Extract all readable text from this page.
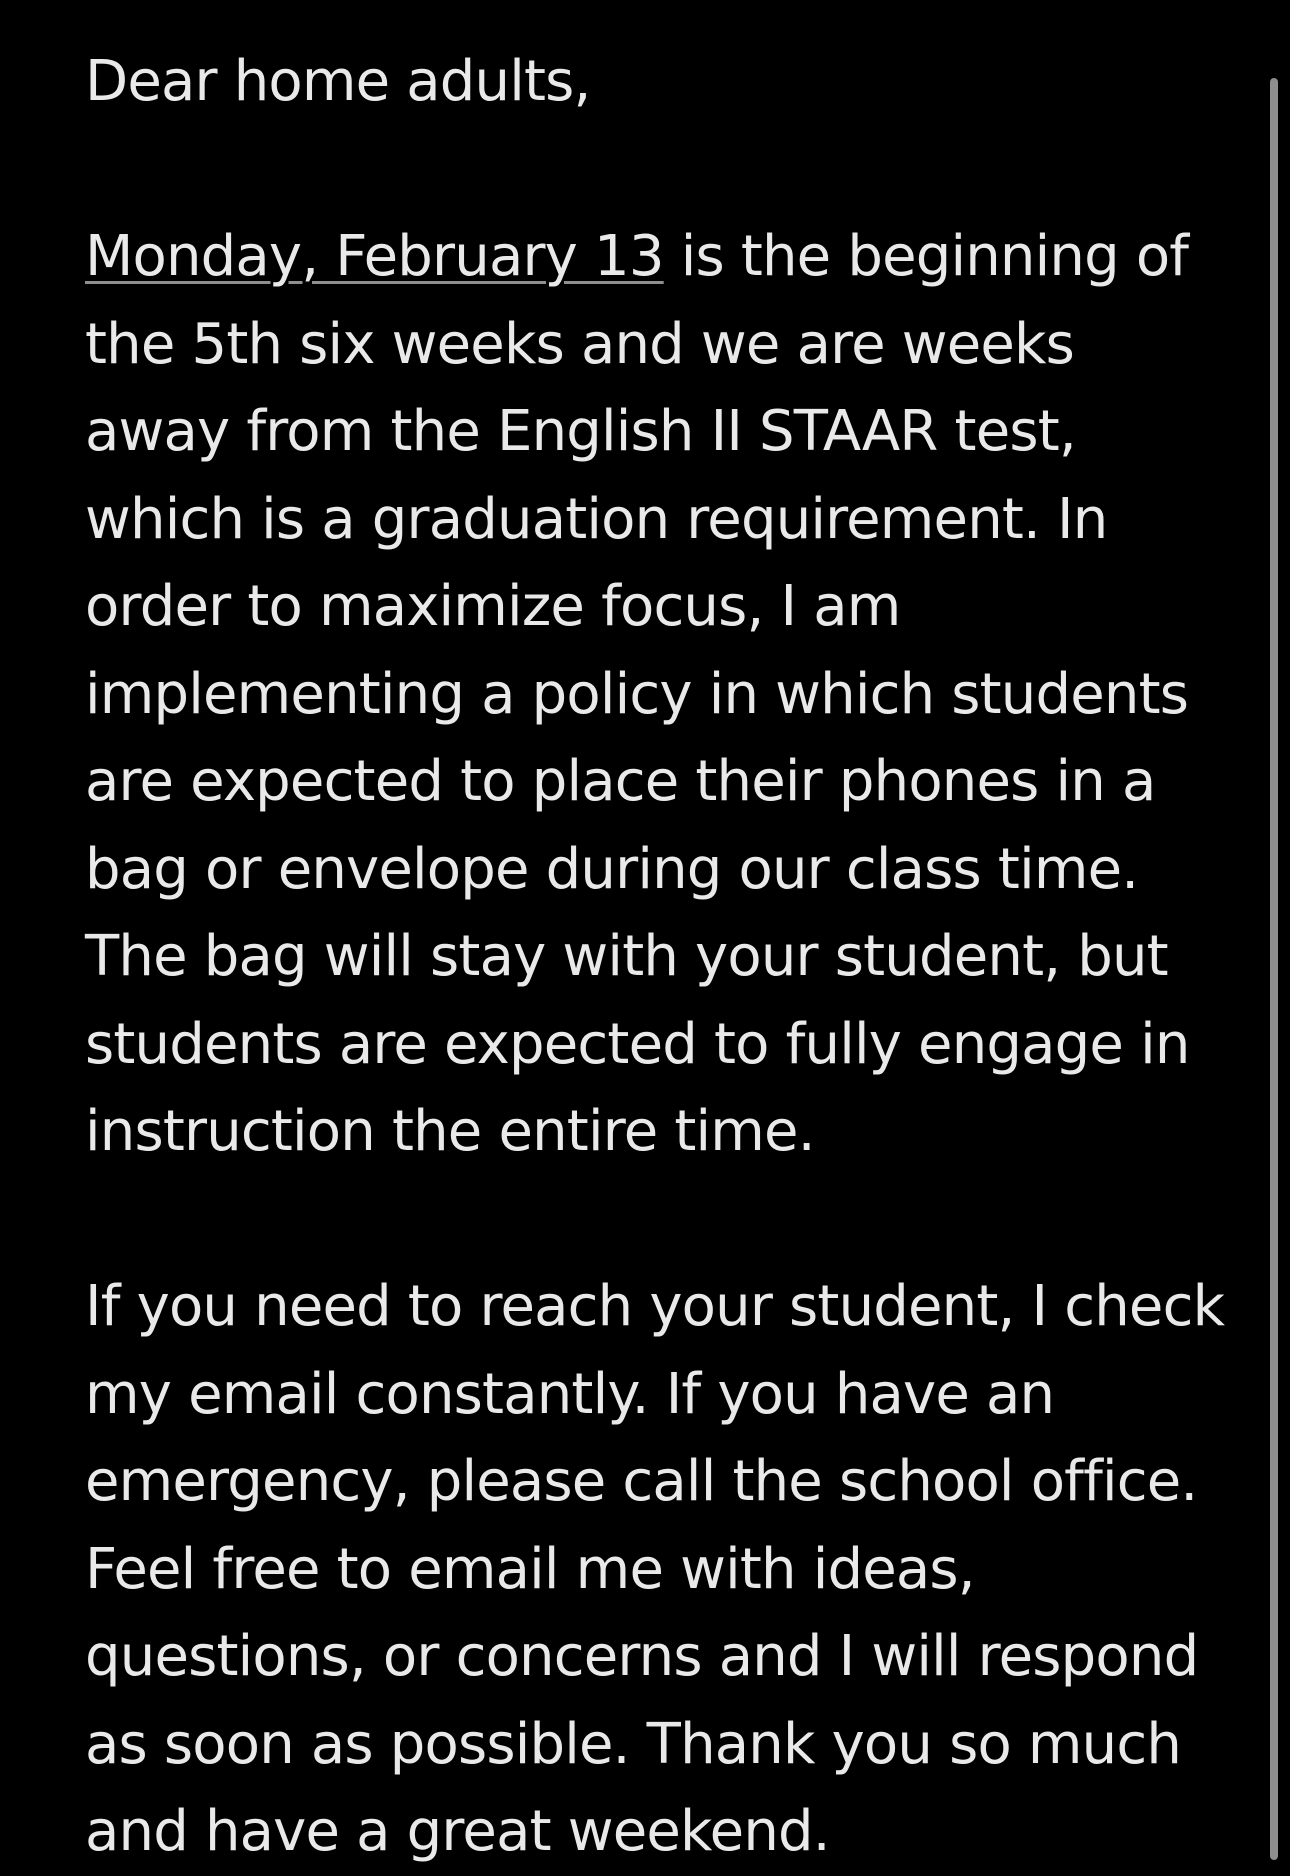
Dear home adults,

Monday, February 13 is the beginning of the 5th six weeks and we are weeks away from the English II STAAR test, which is a graduation requirement. In order to maximize focus, I am implementing a policy in which students are expected to place their phones in a bag or envelope during our class time. The bag will stay with your student, but students are expected to fully engage in instruction the entire time.

If you need to reach your student, I check my email constantly. If you have an emergency, please call the school office. Feel free to email me with ideas, questions, or concerns and I will respond as soon as possible. Thank you so much and have a great weekend.
